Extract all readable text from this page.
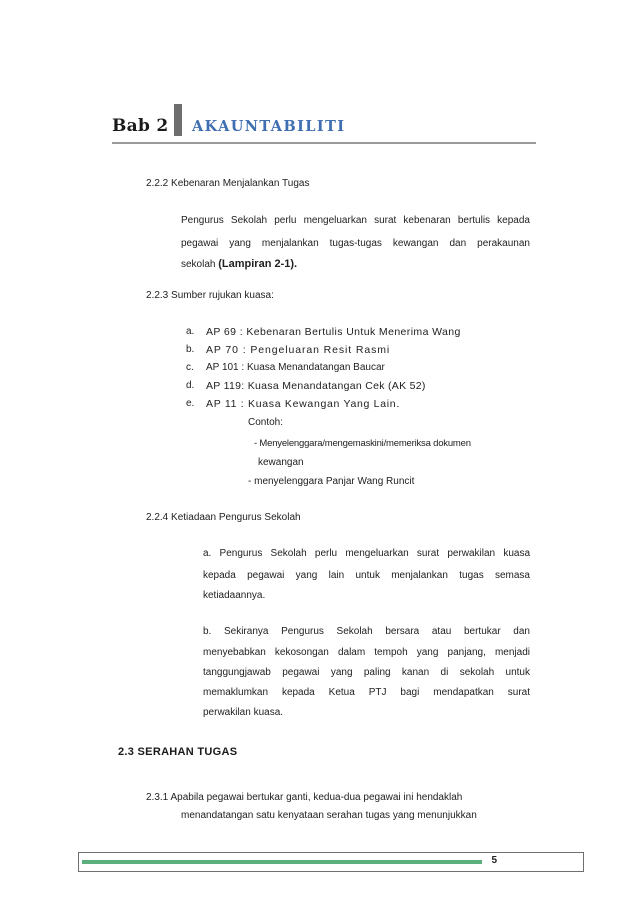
Bab 2 AKAUNTABILITI
2.2.2 Kebenaran Menjalankan Tugas
Pengurus Sekolah perlu mengeluarkan surat kebenaran bertulis kepada
pegawai yang menjalankan tugas-tugas kewangan dan perakaunan
sekolah (Lampiran 2-1).
2.2.3 Sumber rujukan kuasa:
a. AP 69 : Kebenaran Bertulis Untuk Menerima Wang
b. AP 70 : Pengeluaran Resit Rasmi
c. AP 101 : Kuasa Menandatangan Baucar
d. AP 119: Kuasa Menandatangan Cek (AK 52)
e. AP 11 : Kuasa Kewangan Yang Lain.
Contoh:
- Menyelenggara/mengemaskini/memeriksa dokumen
kewangan
- menyelenggara Panjar Wang Runcit
2.2.4 Ketiadaan Pengurus Sekolah
a. Pengurus Sekolah perlu mengeluarkan surat perwakilan kuasa
kepada pegawai yang lain untuk menjalankan tugas semasa
ketiadaannya.
b. Sekiranya Pengurus Sekolah bersara atau bertukar dan
menyebabkan kekosongan dalam tempoh yang panjang, menjadi
tanggungjawab pegawai yang paling kanan di sekolah untuk
memaklumkan kepada Ketua PTJ bagi mendapatkan surat
perwakilan kuasa.
2.3 SERAHAN TUGAS
2.3.1 Apabila pegawai bertukar ganti, kedua-dua pegawai ini hendaklah
menandatangan satu kenyataan serahan tugas yang menunjukkan
5
